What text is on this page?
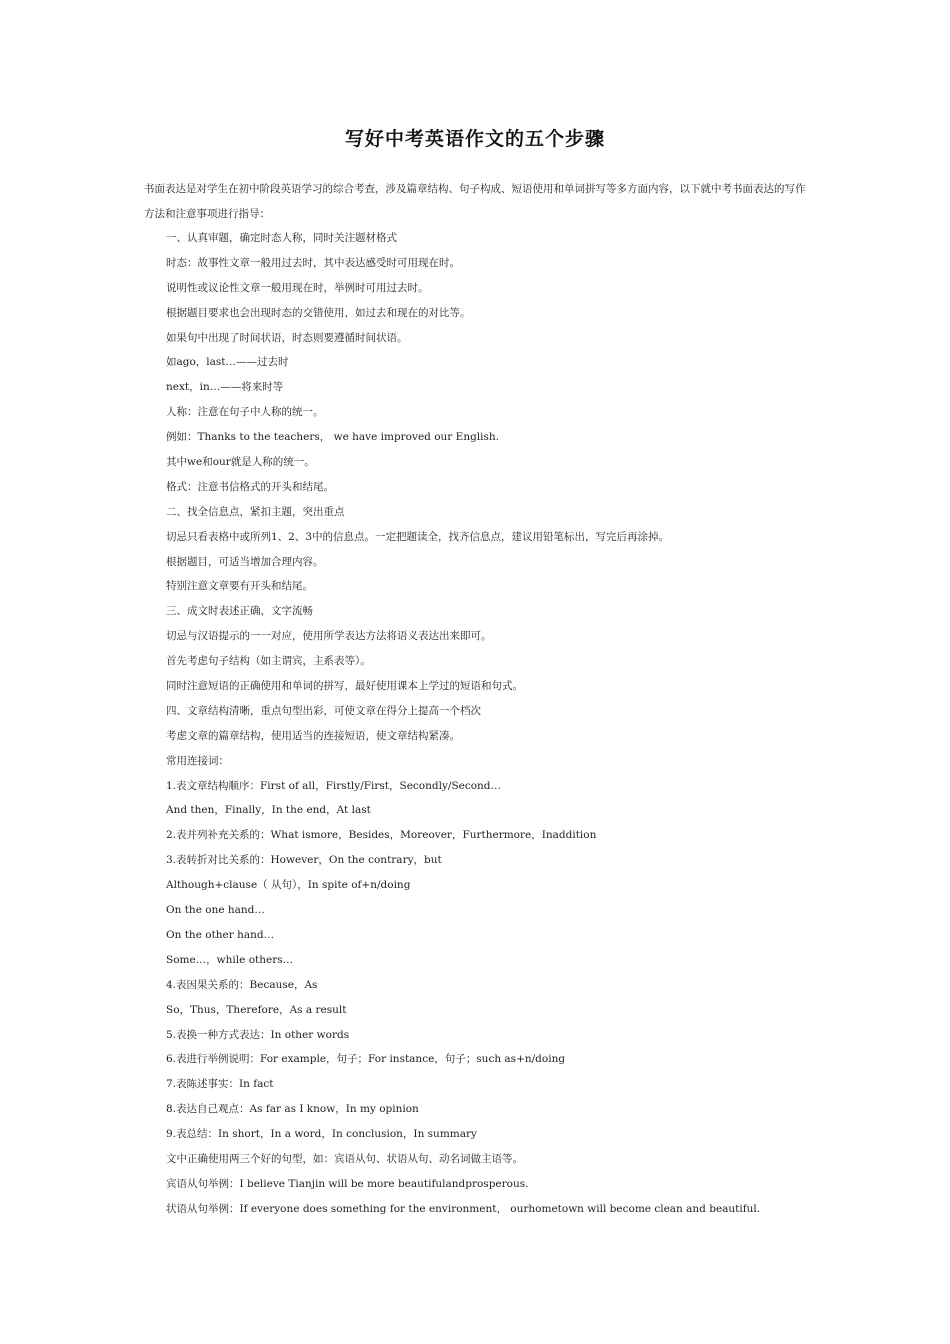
写好中考英语作文的五个步骤

书面表达是对学生在初中阶段英语学习的综合考查，涉及篇章结构、句子构成、短语使用和单词拼写等多方面内容，以下就中考书面表达的写作方法和注意事项进行指导：

一、认真审题，确定时态人称，同时关注题材格式

时态：故事性文章一般用过去时，其中表达感受时可用现在时。

说明性或议论性文章一般用现在时，举例时可用过去时。

根据题目要求也会出现时态的交错使用，如过去和现在的对比等。

如果句中出现了时间状语，时态则要遵循时间状语。

如ago，last…——过去时

next，in…——将来时等

人称：注意在句子中人称的统一。

例如：Thanks to the teachers， we have improved our English.

其中we和our就是人称的统一。

格式：注意书信格式的开头和结尾。

二、找全信息点，紧扣主题，突出重点

切忌只看表格中或所列1、2、3中的信息点。一定把题读全，找齐信息点，建议用铅笔标出，写完后再涂掉。

根据题目，可适当增加合理内容。

特别注意文章要有开头和结尾。

三、成文时表述正确，文字流畅

切忌与汉语提示的一一对应，使用所学表达方法将语义表达出来即可。

首先考虑句子结构（如主谓宾，主系表等）。

同时注意短语的正确使用和单词的拼写，最好使用课本上学过的短语和句式。

四、文章结构清晰，重点句型出彩，可使文章在得分上提高一个档次

考虑文章的篇章结构，使用适当的连接短语，使文章结构紧凑。

常用连接词：

1.表文章结构顺序：First of all，Firstly/First，Secondly/Second…

And then，Finally，In the end，At last

2.表并列补充关系的：What ismore，Besides，Moreover，Furthermore，Inaddition

3.表转折对比关系的：However，On the contrary，but

Although+clause（ 从句），In spite of+n/doing

On the one hand…

On the other hand…

Some…，while others…

4.表因果关系的：Because，As

So，Thus，Therefore，As a result

5.表换一种方式表达：In other words

6.表进行举例说明：For example，句子；For instance，句子；such as+n/doing

7.表陈述事实：In fact

8.表达自己观点：As far as I know，In my opinion

9.表总结：In short，In a word，In conclusion，In summary

文中正确使用两三个好的句型，如：宾语从句、状语从句、动名词做主语等。

宾语从句举例：I believe Tianjin will be more beautifulandprosperous.

状语从句举例：If everyone does something for the environment， ourhometown will become clean and beautiful.
